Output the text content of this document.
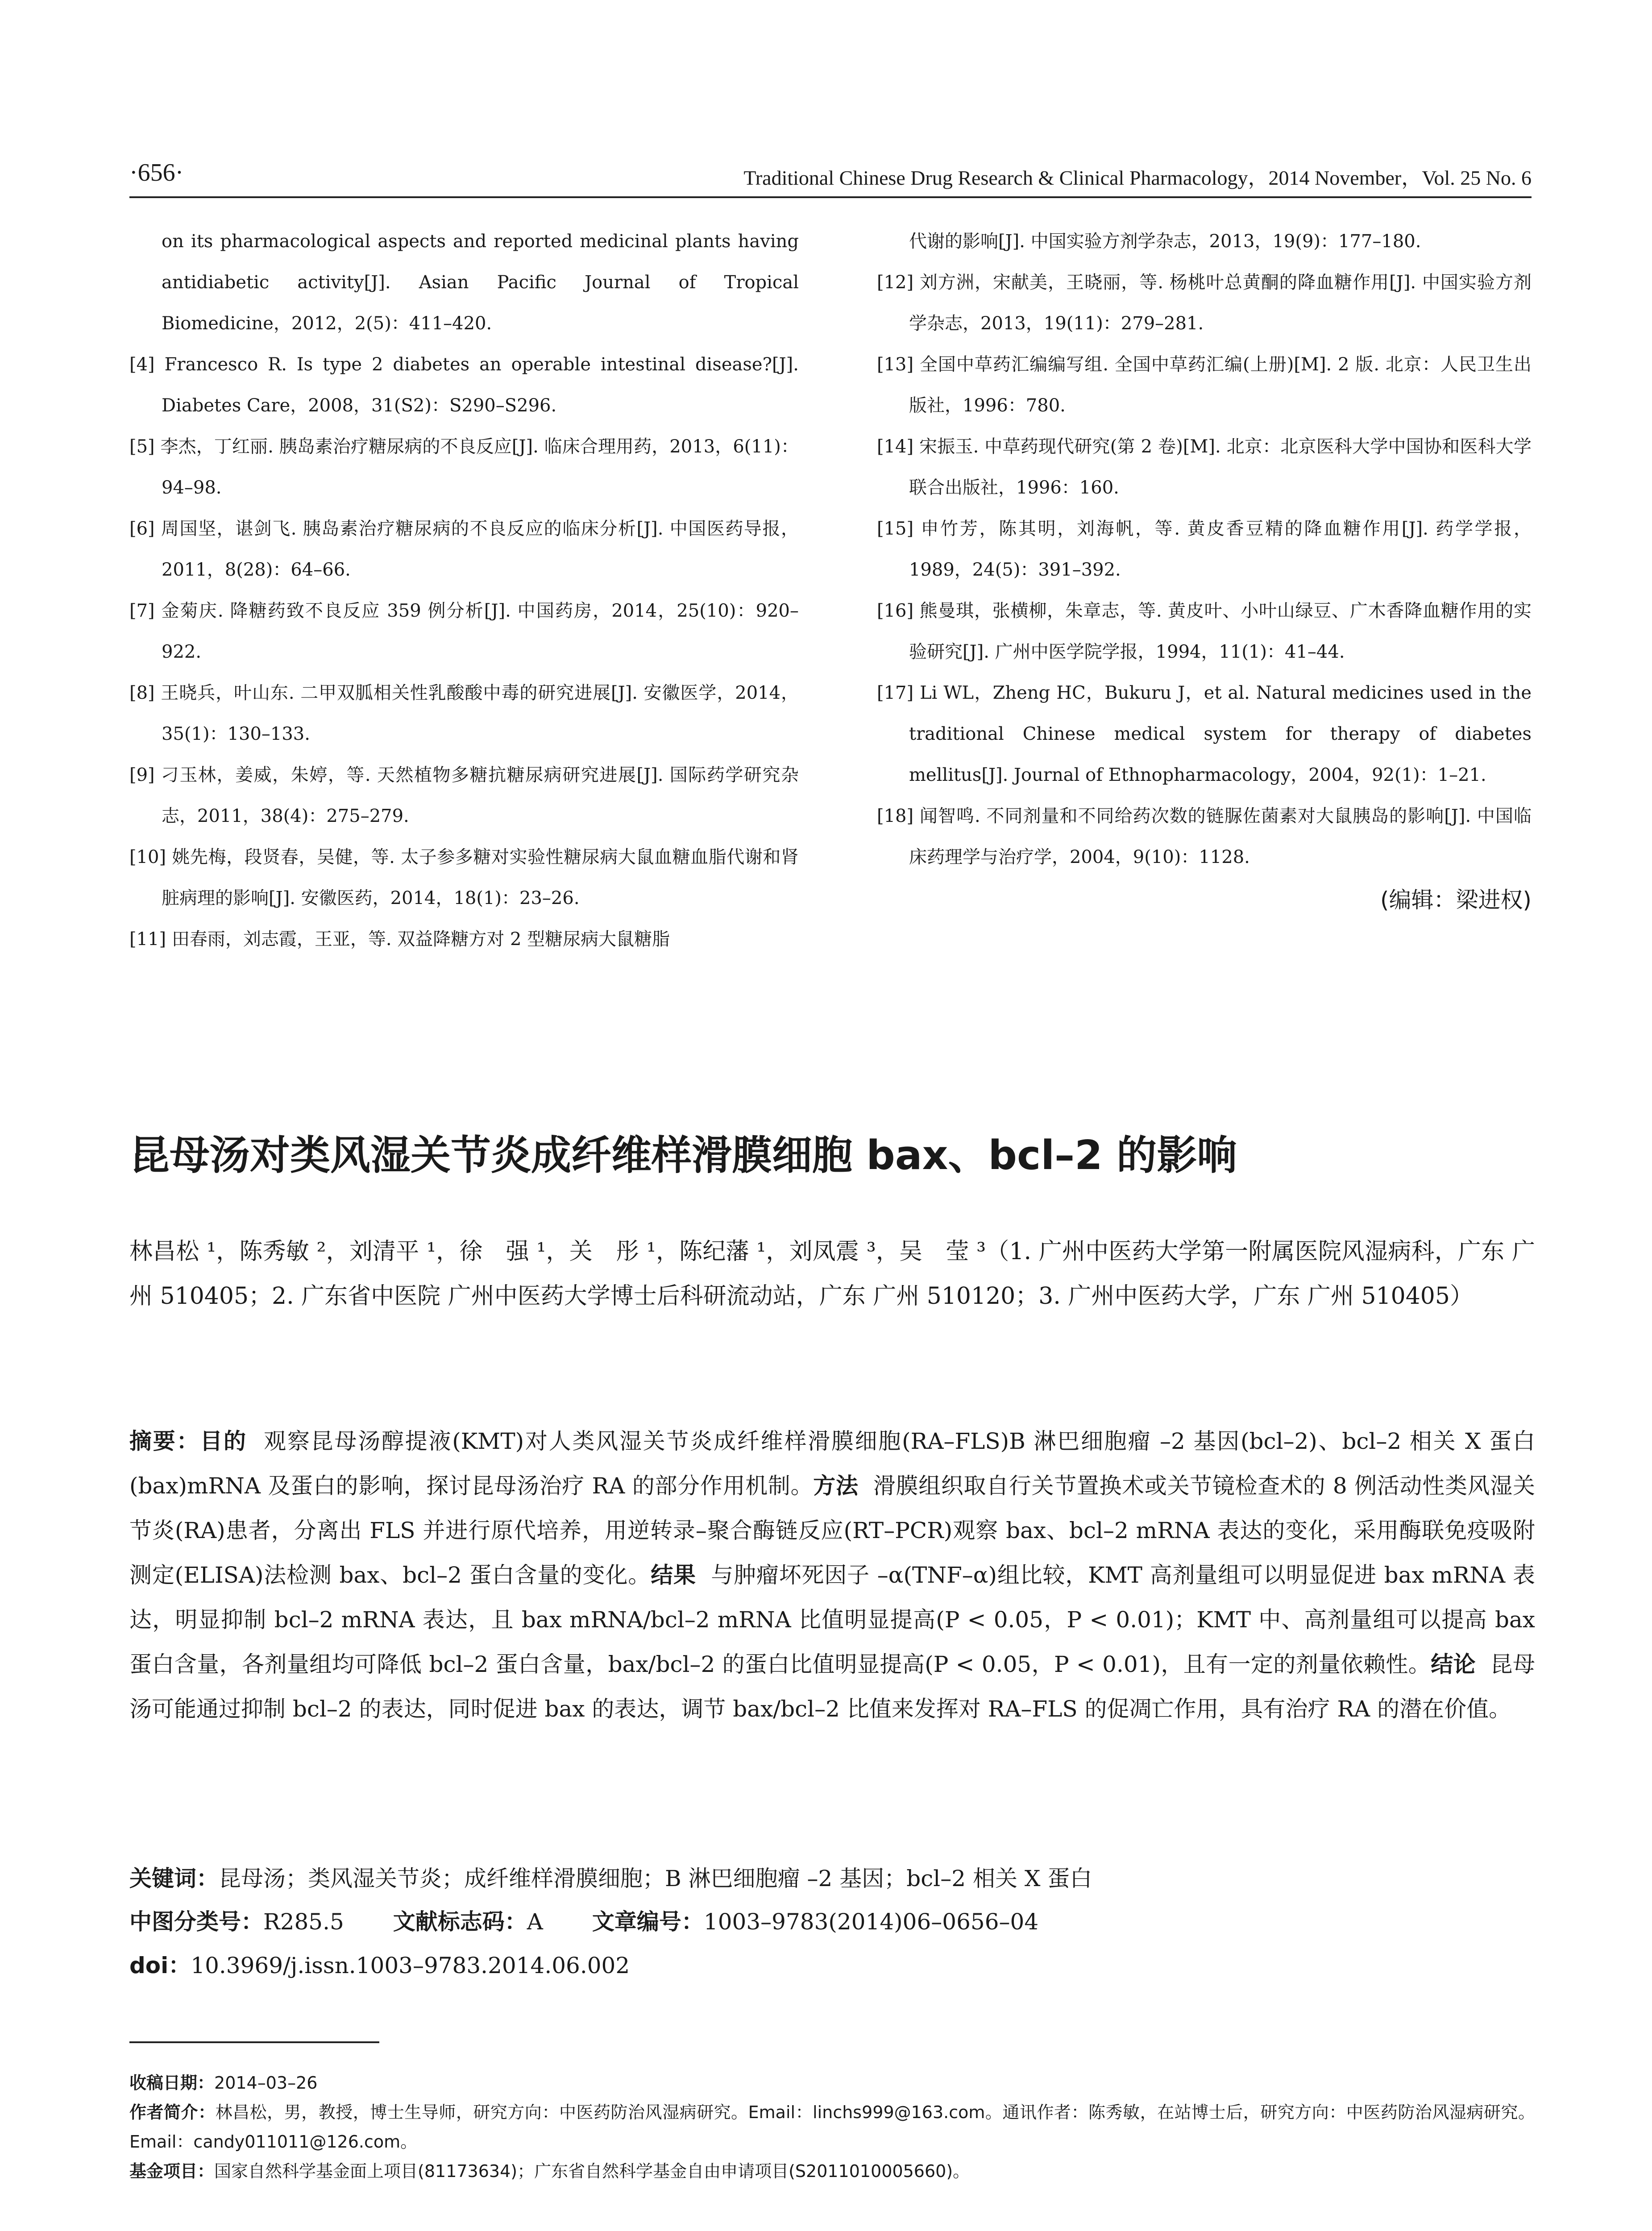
·656·	Traditional Chinese Drug Research & Clinical Pharmacology，2014 November，Vol. 25 No. 6
on its pharmacological aspects and reported medicinal plants having antidiabetic activity[J]. Asian Pacific Journal of Tropical Biomedicine，2012，2(5)：411–420.
[4] Francesco R. Is type 2 diabetes an operable intestinal disease?[J]. Diabetes Care，2008，31(S2)：S290–S296.
[5] 李杰，丁红丽. 胰岛素治疗糖尿病的不良反应[J]. 临床合理用药，2013，6(11)：94–98.
[6] 周国坚，谌剑飞. 胰岛素治疗糖尿病的不良反应的临床分析[J]. 中国医药导报，2011，8(28)：64–66.
[7] 金菊庆. 降糖药致不良反应 359 例分析[J]. 中国药房，2014，25(10)：920–922.
[8] 王晓兵，叶山东. 二甲双胍相关性乳酸酸中毒的研究进展[J]. 安徽医学，2014，35(1)：130–133.
[9] 刁玉林，姜威，朱婷，等. 天然植物多糖抗糖尿病研究进展[J]. 国际药学研究杂志，2011，38(4)：275–279.
[10] 姚先梅，段贤春，吴健，等. 太子参多糖对实验性糖尿病大鼠血糖血脂代谢和肾脏病理的影响[J]. 安徽医药，2014，18(1)：23–26.
[11] 田春雨，刘志霞，王亚，等. 双益降糖方对 2 型糖尿病大鼠糖脂
代谢的影响[J]. 中国实验方剂学杂志，2013，19(9)：177–180.
[12] 刘方洲，宋献美，王晓丽，等. 杨桃叶总黄酮的降血糖作用[J]. 中国实验方剂学杂志，2013，19(11)：279–281.
[13] 全国中草药汇编编写组. 全国中草药汇编(上册)[M]. 2 版. 北京：人民卫生出版社，1996：780.
[14] 宋振玉. 中草药现代研究(第 2 卷)[M]. 北京：北京医科大学中国协和医科大学联合出版社，1996：160.
[15] 申竹芳，陈其明，刘海帆，等. 黄皮香豆精的降血糖作用[J]. 药学学报，1989，24(5)：391–392.
[16] 熊曼琪，张横柳，朱章志，等. 黄皮叶、小叶山绿豆、广木香降血糖作用的实验研究[J]. 广州中医学院学报，1994，11(1)：41–44.
[17] Li WL，Zheng HC，Bukuru J，et al. Natural medicines used in the traditional Chinese medical system for therapy of diabetes mellitus[J]. Journal of Ethnopharmacology，2004，92(1)：1–21.
[18] 闻智鸣. 不同剂量和不同给药次数的链脲佐菌素对大鼠胰岛的影响[J]. 中国临床药理学与治疗学，2004，9(10)：1128.
(编辑：梁进权)
昆母汤对类风湿关节炎成纤维样滑膜细胞 bax、bcl–2 的影响
林昌松 ¹，陈秀敏 ²，刘清平 ¹，徐　强 ¹，关　彤 ¹，陈纪藩 ¹，刘凤震 ³，吴　莹 ³（1. 广州中医药大学第一附属医院风湿病科，广东 广州 510405；2. 广东省中医院 广州中医药大学博士后科研流动站，广东 广州 510120；3. 广州中医药大学，广东 广州 510405）
摘要：目的 观察昆母汤醇提液(KMT)对人类风湿关节炎成纤维样滑膜细胞(RA–FLS)B 淋巴细胞瘤 –2 基因(bcl–2)、bcl–2 相关 X 蛋白(bax)mRNA 及蛋白的影响，探讨昆母汤治疗 RA 的部分作用机制。方法 滑膜组织取自行关节置换术或关节镜检查术的 8 例活动性类风湿关节炎(RA)患者，分离出 FLS 并进行原代培养，用逆转录–聚合酶链反应(RT–PCR)观察 bax、bcl–2 mRNA 表达的变化，采用酶联免疫吸附测定(ELISA)法检测 bax、bcl–2 蛋白含量的变化。结果 与肿瘤坏死因子 –α(TNF–α)组比较，KMT 高剂量组可以明显促进 bax mRNA 表达，明显抑制 bcl–2 mRNA 表达，且 bax mRNA/bcl–2 mRNA 比值明显提高(P < 0.05，P < 0.01)；KMT 中、高剂量组可以提高 bax 蛋白含量，各剂量组均可降低 bcl–2 蛋白含量，bax/bcl–2 的蛋白比值明显提高(P < 0.05，P < 0.01)，且有一定的剂量依赖性。结论 昆母汤可能通过抑制 bcl–2 的表达，同时促进 bax 的表达，调节 bax/bcl–2 比值来发挥对 RA–FLS 的促凋亡作用，具有治疗 RA 的潜在价值。
关键词：昆母汤；类风湿关节炎；成纤维样滑膜细胞；B 淋巴细胞瘤 –2 基因；bcl–2 相关 X 蛋白
中图分类号：R285.5 文献标志码：A 文章编号：1003–9783(2014)06–0656–04
doi：10.3969/j.issn.1003–9783.2014.06.002
收稿日期：2014–03–26
作者简介：林昌松，男，教授，博士生导师，研究方向：中医药防治风湿病研究。Email：linchs999@163.com。通讯作者：陈秀敏，在站博士后，研究方向：中医药防治风湿病研究。Email：candy011011@126.com。
基金项目：国家自然科学基金面上项目(81173634)；广东省自然科学基金自由申请项目(S2011010005660)。
